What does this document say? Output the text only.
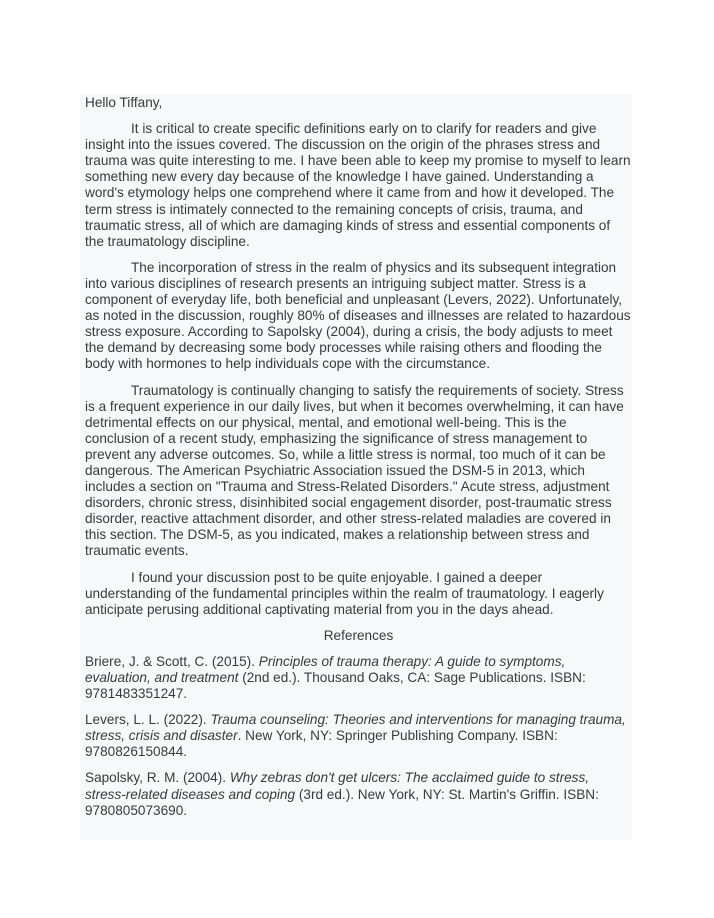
Hello Tiffany,

It is critical to create specific definitions early on to clarify for readers and give insight into the issues covered. The discussion on the origin of the phrases stress and trauma was quite interesting to me. I have been able to keep my promise to myself to learn something new every day because of the knowledge I have gained. Understanding a word's etymology helps one comprehend where it came from and how it developed. The term stress is intimately connected to the remaining concepts of crisis, trauma, and traumatic stress, all of which are damaging kinds of stress and essential components of the traumatology discipline.

The incorporation of stress in the realm of physics and its subsequent integration into various disciplines of research presents an intriguing subject matter. Stress is a component of everyday life, both beneficial and unpleasant (Levers, 2022). Unfortunately, as noted in the discussion, roughly 80% of diseases and illnesses are related to hazardous stress exposure. According to Sapolsky (2004), during a crisis, the body adjusts to meet the demand by decreasing some body processes while raising others and flooding the body with hormones to help individuals cope with the circumstance.

Traumatology is continually changing to satisfy the requirements of society. Stress is a frequent experience in our daily lives, but when it becomes overwhelming, it can have detrimental effects on our physical, mental, and emotional well-being. This is the conclusion of a recent study, emphasizing the significance of stress management to prevent any adverse outcomes. So, while a little stress is normal, too much of it can be dangerous. The American Psychiatric Association issued the DSM-5 in 2013, which includes a section on "Trauma and Stress-Related Disorders." Acute stress, adjustment disorders, chronic stress, disinhibited social engagement disorder, post-traumatic stress disorder, reactive attachment disorder, and other stress-related maladies are covered in this section. The DSM-5, as you indicated, makes a relationship between stress and traumatic events.

I found your discussion post to be quite enjoyable. I gained a deeper understanding of the fundamental principles within the realm of traumatology. I eagerly anticipate perusing additional captivating material from you in the days ahead.

References

Briere, J. & Scott, C. (2015). Principles of trauma therapy: A guide to symptoms, evaluation, and treatment (2nd ed.). Thousand Oaks, CA: Sage Publications. ISBN: 9781483351247.

Levers, L. L. (2022). Trauma counseling: Theories and interventions for managing trauma, stress, crisis and disaster. New York, NY: Springer Publishing Company. ISBN: 9780826150844.

Sapolsky, R. M. (2004). Why zebras don't get ulcers: The acclaimed guide to stress, stress-related diseases and coping (3rd ed.). New York, NY: St. Martin's Griffin. ISBN: 9780805073690.
